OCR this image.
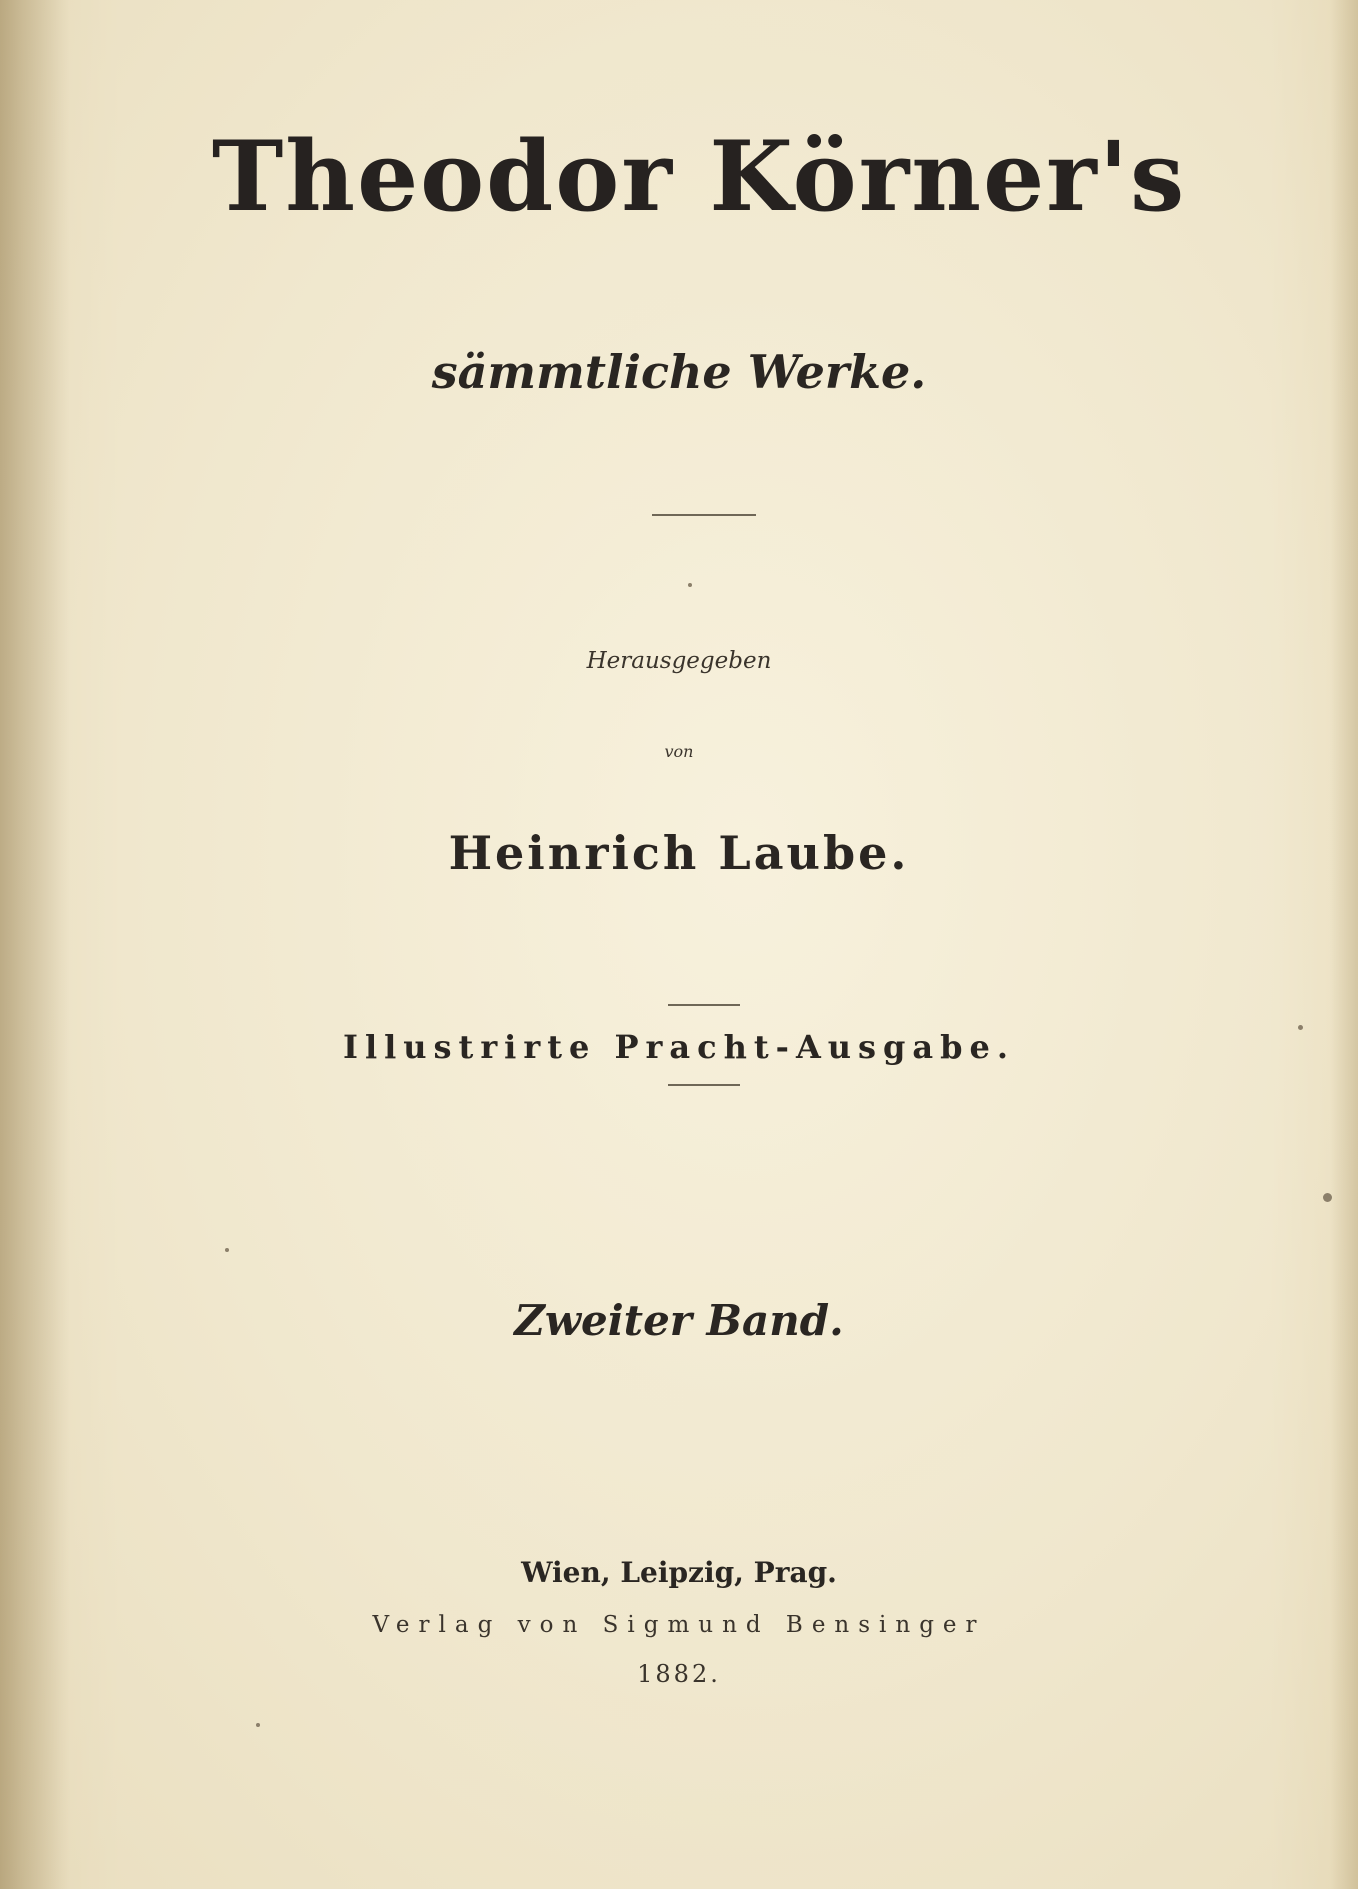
Theodor Körner's
sämmtliche Werke.
Herausgegeben
von
Heinrich Laube.
Illustrirte Pracht-Ausgabe.
Zweiter Band.
Wien, Leipzig, Prag.
Verlag von Sigmund Bensinger
1882.
